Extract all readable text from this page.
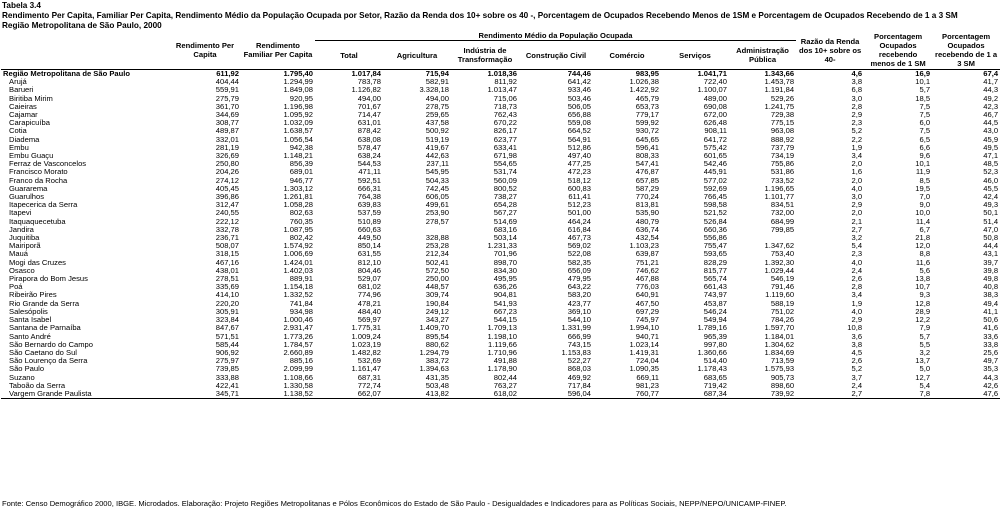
Tabela 3.4
Rendimento Per Capita, Familiar Per Capita, Rendimento Médio da População Ocupada por Setor, Razão da Renda dos 10+ sobre os 40 -, Porcentagem de Ocupados Recebendo Menos de 1SM e Porcentagem de Ocupados Recebendo de 1 a 3 SM
Região Metropolitana de São Paulo, 2000
	Rendimento Per Capita	Rendimento Familiar Per Capita	Rendimento Médio da População Ocupada							Razão da Renda dos 10+ sobre os 40-	Porcentagem Ocupados recebendo menos de 1 SM	Porcentagem Ocupados recebendo de 1 a 3 SM
			Total	Agricultura	Indústria de Transformação	Construção Civil	Comércio	Serviços	Administração Pública			
Região Metropolitana de São Paulo	611,92	1.795,40	1.017,84	715,94	1.018,36	744,46	983,95	1.041,71	1.343,66	4,6	16,9	67,4
Arujá	404,44	1.294,99	783,78	582,91	811,92	641,42	1.026,38	722,40	1.453,78	3,8	10,1	41,7
Barueri	559,91	1.849,08	1.126,82	3.328,18	1.013,47	933,46	1.422,92	1.100,07	1.191,84	6,8	5,7	44,3
Biritiba Mirim	275,79	920,95	494,00	494,00	715,06	503,46	465,79	489,00	529,26	3,0	18,5	49,2
Caieiras	361,70	1.196,98	701,67	278,75	718,73	506,05	653,73	690,08	1.241,75	2,8	7,5	42,3
Cajamar	344,69	1.095,92	714,47	259,65	762,43	656,88	779,17	672,00	729,38	2,9	7,5	46,7
Carapicuíba	308,77	1.032,09	631,01	437,58	670,22	559,08	599,92	626,48	775,15	2,3	6,0	44,5
Cotia	489,87	1.638,57	878,42	500,92	826,17	664,52	930,72	908,11	963,08	5,2	7,5	43,0
Diadema	332,01	1.056,54	638,08	519,19	623,77	564,91	645,65	641,72	888,92	2,2	6,5	45,9
Embu	281,19	942,38	578,47	419,67	633,41	512,86	596,41	575,42	737,79	1,9	6,6	49,5
Embu Guaçu	326,69	1.148,21	638,24	442,63	671,98	497,40	808,33	601,65	734,19	3,4	9,6	47,1
Ferraz de Vasconcelos	250,80	856,39	544,53	237,11	554,65	477,25	547,41	542,46	755,86	2,0	10,1	48,5
Francisco Morato	204,26	689,01	471,11	545,95	531,74	472,23	476,87	445,91	531,86	1,6	11,9	52,3
Franco da Rocha	274,12	946,77	592,51	504,33	560,09	518,12	657,85	577,02	733,52	2,0	8,5	46,0
Guararema	405,45	1.303,12	666,31	742,45	800,52	600,83	587,29	592,69	1.196,65	4,0	19,5	45,5
Guarulhos	396,86	1.261,81	764,38	606,05	738,27	611,41	770,24	766,45	1.101,77	3,0	7,0	42,4
Itapecerica da Serra	312,47	1.058,28	639,83	499,61	654,28	512,23	813,81	598,58	834,51	2,9	9,0	49,3
Itapevi	240,55	802,63	537,59	253,90	567,27	501,00	535,90	521,52	732,00	2,0	10,0	50,1
Itaquaquecetuba	222,12	760,35	510,89	278,57	514,69	464,24	480,79	526,84	684,99	2,1	11,4	51,4
Jandira	332,78	1.087,95	660,63		683,16	616,84	636,74	660,36	799,85	2,7	6,7	47,0
Juquitiba	236,71	802,42	449,50	328,88	503,14	467,73	432,54	556,86		3,2	21,8	50,8
Mairiporã	508,07	1.574,92	850,14	253,28	1.231,33	569,02	1.103,23	755,47	1.347,62	5,4	12,0	44,4
Mauá	318,15	1.006,69	631,55	212,34	701,96	522,08	639,87	593,65	753,40	2,3	8,8	43,1
Mogi das Cruzes	467,16	1.424,01	812,10	502,41	898,70	582,35	751,21	828,29	1.392,30	4,0	11,6	39,7
Osasco	438,01	1.402,03	804,46	572,50	834,30	656,09	746,62	815,77	1.029,44	2,4	5,6	39,8
Pirapora do Bom Jesus	278,51	889,91	529,07	250,00	495,95	479,95	467,88	565,74	546,19	2,6	13,8	49,8
Poá	335,69	1.154,18	681,02	448,57	636,26	643,22	776,03	661,43	791,46	2,8	10,7	40,8
Ribeirão Pires	414,10	1.332,52	774,96	309,74	904,81	583,20	640,91	743,97	1.119,60	3,4	9,3	38,3
Rio Grande da Serra	220,20	741,84	478,21	190,84	541,93	423,77	467,50	453,87	588,19	1,9	12,8	49,4
Salesópolis	305,91	934,98	484,40	249,12	667,23	369,10	697,29	546,24	751,02	4,0	28,9	41,1
Santa Isabel	323,84	1.000,46	569,97	343,27	544,15	544,10	745,97	549,94	784,26	2,9	12,2	50,6
Santana de Parnaíba	847,67	2.931,47	1.775,31	1.409,70	1.709,13	1.331,99	1.994,10	1.789,16	1.597,70	10,8	7,9	41,6
Santo André	571,51	1.773,26	1.009,24	895,54	1.198,10	666,99	940,71	965,39	1.184,01	3,6	5,7	33,6
São Bernardo do Campo	585,44	1.784,57	1.023,19	880,62	1.119,66	743,15	1.023,14	997,80	1.304,62	3,8	5,5	33,8
São Caetano do Sul	906,92	2.660,89	1.482,82	1.294,79	1.710,96	1.153,83	1.419,31	1.360,66	1.834,69	4,5	3,2	25,6
São Lourenço da Serra	275,97	885,16	532,69	383,72	491,88	522,27	724,04	514,40	713,59	2,6	13,7	49,7
São Paulo	739,85	2.099,99	1.161,47	1.394,63	1.178,90	868,03	1.090,35	1.178,43	1.575,93	5,2	5,0	35,3
Suzano	333,88	1.108,66	687,31	431,35	802,44	469,92	669,11	683,65	905,73	3,7	12,7	44,3
Taboão da Serra	422,41	1.330,58	772,74	503,48	763,27	717,84	981,23	719,42	898,60	2,4	5,4	42,6
Vargem Grande Paulista	345,71	1.138,52	662,07	413,82	618,02	596,04	760,77	687,34	739,92	2,7	7,8	47,6
Fonte: Censo Demográfico 2000, IBGE. Microdados. Elaboração: Projeto Regiões Metropolitanas e Pólos Econômicos do Estado de São Paulo - Desigualdades e Indicadores para as Políticas Sociais, NEPP/NEPO/UNICAMP-FINEP.
